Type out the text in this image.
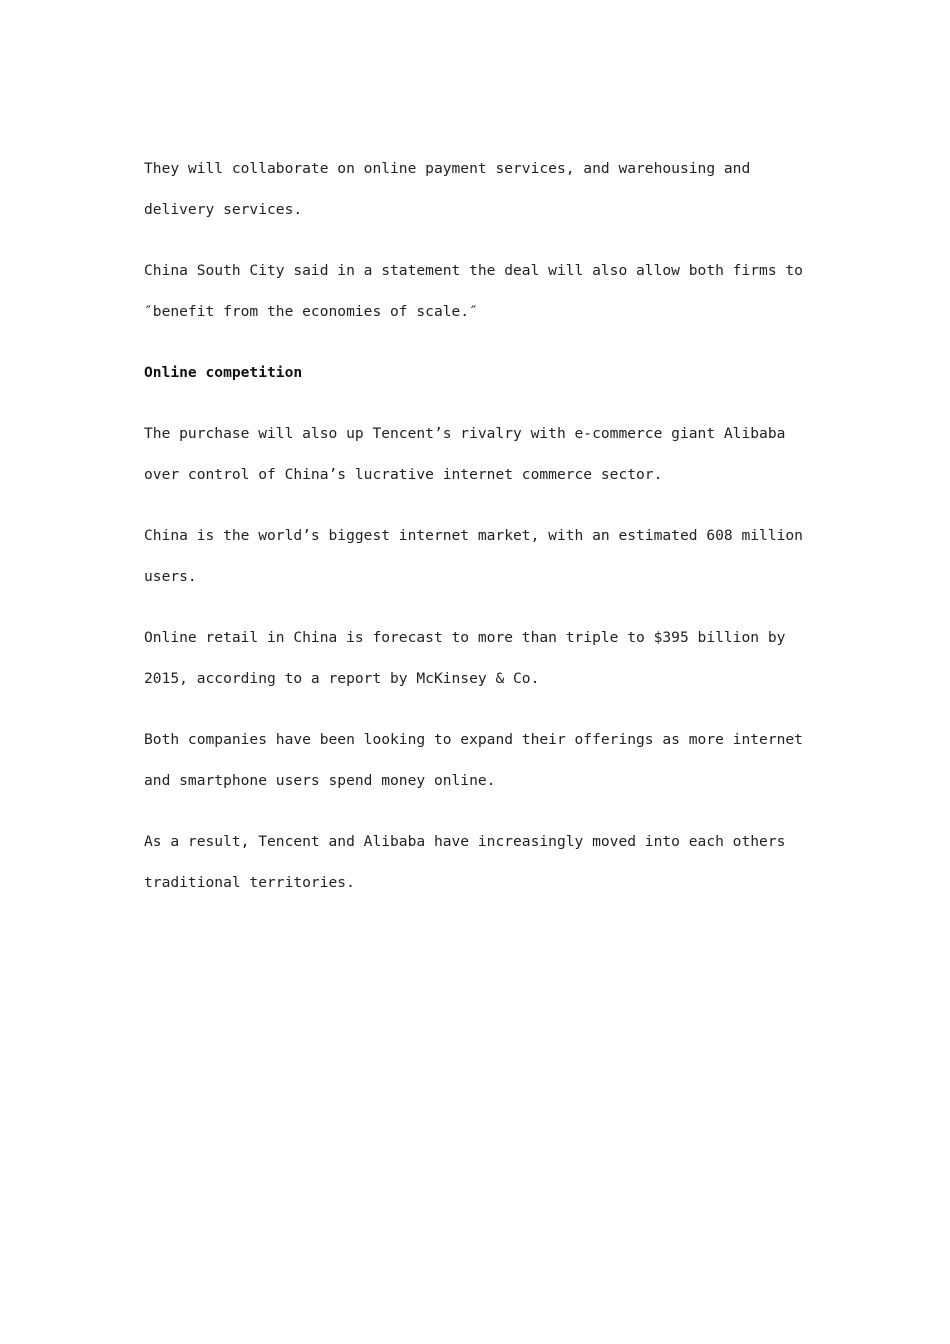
They will collaborate on online payment services, and warehousing and delivery services.

China South City said in a statement the deal will also allow both firms to ″benefit from the economies of scale.″

Online competition

The purchase will also up Tencent’s rivalry with e-commerce giant Alibaba over control of China’s lucrative internet commerce sector.

China is the world’s biggest internet market, with an estimated 608 million users.

Online retail in China is forecast to more than triple to $395 billion by 2015, according to a report by McKinsey & Co.

Both companies have been looking to expand their offerings as more internet and smartphone users spend money online.

As a result, Tencent and Alibaba have increasingly moved into each others traditional territories.
